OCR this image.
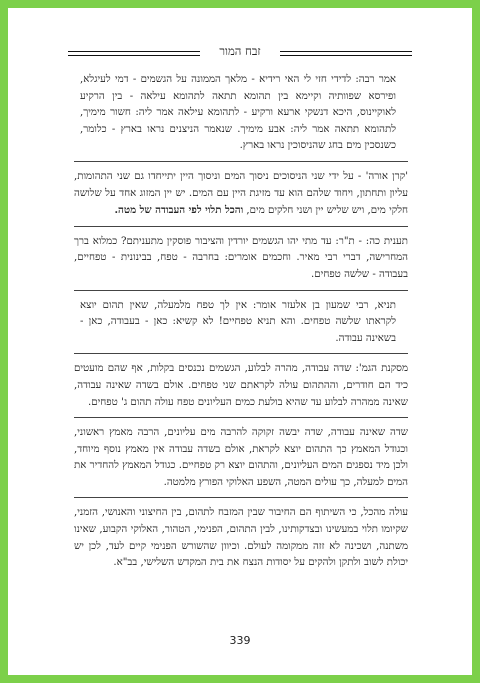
זבח המור

אמר רבה: לדידי חזי לי האי רידיא - מלאך הממונה על הגשמים - דמי לעיגלא, ופירסא שפוותיה וקיימא בין תהומא תתאה לתהומא עילאה - בין הרקיע לאוקיינוס, היכא דנשקי ארעא ורקיע - לתהומא עילאה אמר ליה: חשור מימיך, לתהומא תתאה אמר ליה: אבע מימיך. שנאמר הניצנים נראו בארץ - כלומר, כשנסכין מים בחג שהניסוכין נראו בארץ.

'קרן אורה' - על ידי שני הניסוכים ניסוך המים וניסוך היין יתייחדו גם שני התהומות, עליון ותחתון, ויחוד שלהם הוא עד מזיגת היין עם המים. יש יין המזוג אחד על שלושה חלקי מים, ויש שליש יין ושני חלקים מים, והכל תלוי לפי העבודה של מטה.

תענית כה: - ת"ר: עד מתי יהו הגשמים יורדין והציבור פוסקין מתעניתם? כמלוא ברך המחרישה, דברי רבי מאיר. וחכמים אומרים: בחרבה - טפח, בבינונית - טפחיים, בעבודה - שלשה טפחים.

תניא, רבי שמעון בן אלעזר אומר: אין לך טפח מלמעלה, שאין תהום יוצא לקראתו שלשה טפחים. והא תניא טפחיים! לא קשיא: כאן - בעבודה, כאן - בשאינה עבודה.

מסקנת הגמ': שדה עבודה, מהרה לבלוע, הגשמים נכנסים בקלות, אף שהם מועטים כיד הם חודרים, וההתהום עולה לקראתם שני טפחים. אולם בשדה שאינה עבודה, שאינה ממהרה לבלוע עד שהיא בולעת כמים העליונים טפח עולה תהום ג' טפחים.

שדה שאינה עבודה, שדה יבשה זקוקה להרבה מים עליונים, הרבה מאמץ ראשוני, וכגודל המאמץ כך התהום יוצא לקראת, אולם בשדה עבודה אין מאמץ נוסף מיוחד, ולכן מיד נספגים המים העליונים, והתהום יוצא רק טפחיים. כגודל המאמץ להחדיר את המים למעלה, כך עולים המטה, השפע האלוקי הפורץ מלמטה.

עולה מהכל, כי השיתוף הם החיבור שבין המזבח לתהום, בין החיצוני והאנושי, הזמני, שקיומו תלוי במעשינו ובצדקותינו, לבין התהום, הפנימי, הטהור, האלוקי הקבוע, שאינו משתנה, ושכינה לא זזה ממקומה לעולם. וכיוון שהשורש הפנימי קיים לעד, לכן יש יכולת לשוב ולתקן ולהקים על יסודות הנצח את בית המקדש השלישי, בב"א.

339
